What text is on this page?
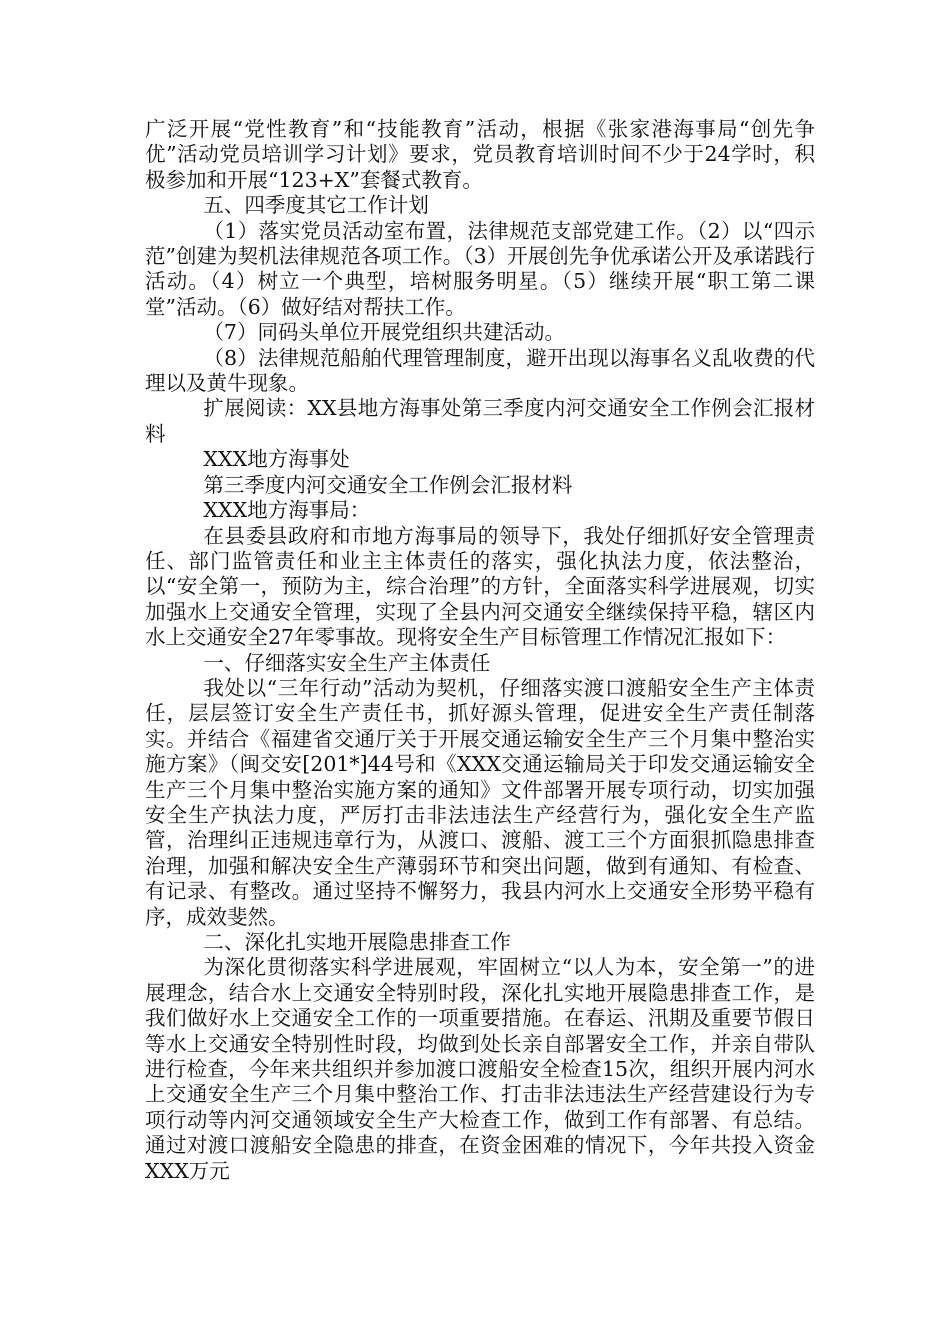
广泛开展“党性教育”和“技能教育”活动，根据《张家港海事局“创先争优”活动党员培训学习计划》要求，党员教育培训时间不少于24学时，积极参加和开展“123+X”套餐式教育。

五、四季度其它工作计划

（1）落实党员活动室布置，法律规范支部党建工作。（2）以“四示范”创建为契机法律规范各项工作。（3）开展创先争优承诺公开及承诺践行活动。（4）树立一个典型，培树服务明星。（5）继续开展“职工第二课堂”活动。（6）做好结对帮扶工作。

（7）同码头单位开展党组织共建活动。

（8）法律规范船舶代理管理制度，避开出现以海事名义乱收费的代理以及黄牛现象。

扩展阅读：XX县地方海事处第三季度内河交通安全工作例会汇报材料

XXX地方海事处

第三季度内河交通安全工作例会汇报材料

XXX地方海事局：

在县委县政府和市地方海事局的领导下，我处仔细抓好安全管理责任、部门监管责任和业主主体责任的落实，强化执法力度，依法整治，以“安全第一，预防为主，综合治理”的方针，全面落实科学进展观，切实加强水上交通安全管理，实现了全县内河交通安全继续保持平稳，辖区内水上交通安全27年零事故。现将安全生产目标管理工作情况汇报如下：

一、仔细落实安全生产主体责任

我处以“三年行动”活动为契机，仔细落实渡口渡船安全生产主体责任，层层签订安全生产责任书，抓好源头管理，促进安全生产责任制落实。并结合《福建省交通厅关于开展交通运输安全生产三个月集中整治实施方案》（闽交安[201*]44号和《XXX交通运输局关于印发交通运输安全生产三个月集中整治实施方案的通知》文件部署开展专项行动，切实加强安全生产执法力度，严厉打击非法违法生产经营行为，强化安全生产监管，治理纠正违规违章行为，从渡口、渡船、渡工三个方面狠抓隐患排查治理，加强和解决安全生产薄弱环节和突出问题，做到有通知、有检查、有记录、有整改。通过坚持不懈努力，我县内河水上交通安全形势平稳有序，成效斐然。

二、深化扎实地开展隐患排查工作

为深化贯彻落实科学进展观，牢固树立“以人为本，安全第一”的进展理念，结合水上交通安全特别时段，深化扎实地开展隐患排查工作，是我们做好水上交通安全工作的一项重要措施。在春运、汛期及重要节假日等水上交通安全特别性时段，均做到处长亲自部署安全工作，并亲自带队进行检查，今年来共组织并参加渡口渡船安全检查15次，组织开展内河水上交通安全生产三个月集中整治工作、打击非法违法生产经营建设行为专项行动等内河交通领域安全生产大检查工作，做到工作有部署、有总结。通过对渡口渡船安全隐患的排查，在资金困难的情况下，今年共投入资金XXX万元
